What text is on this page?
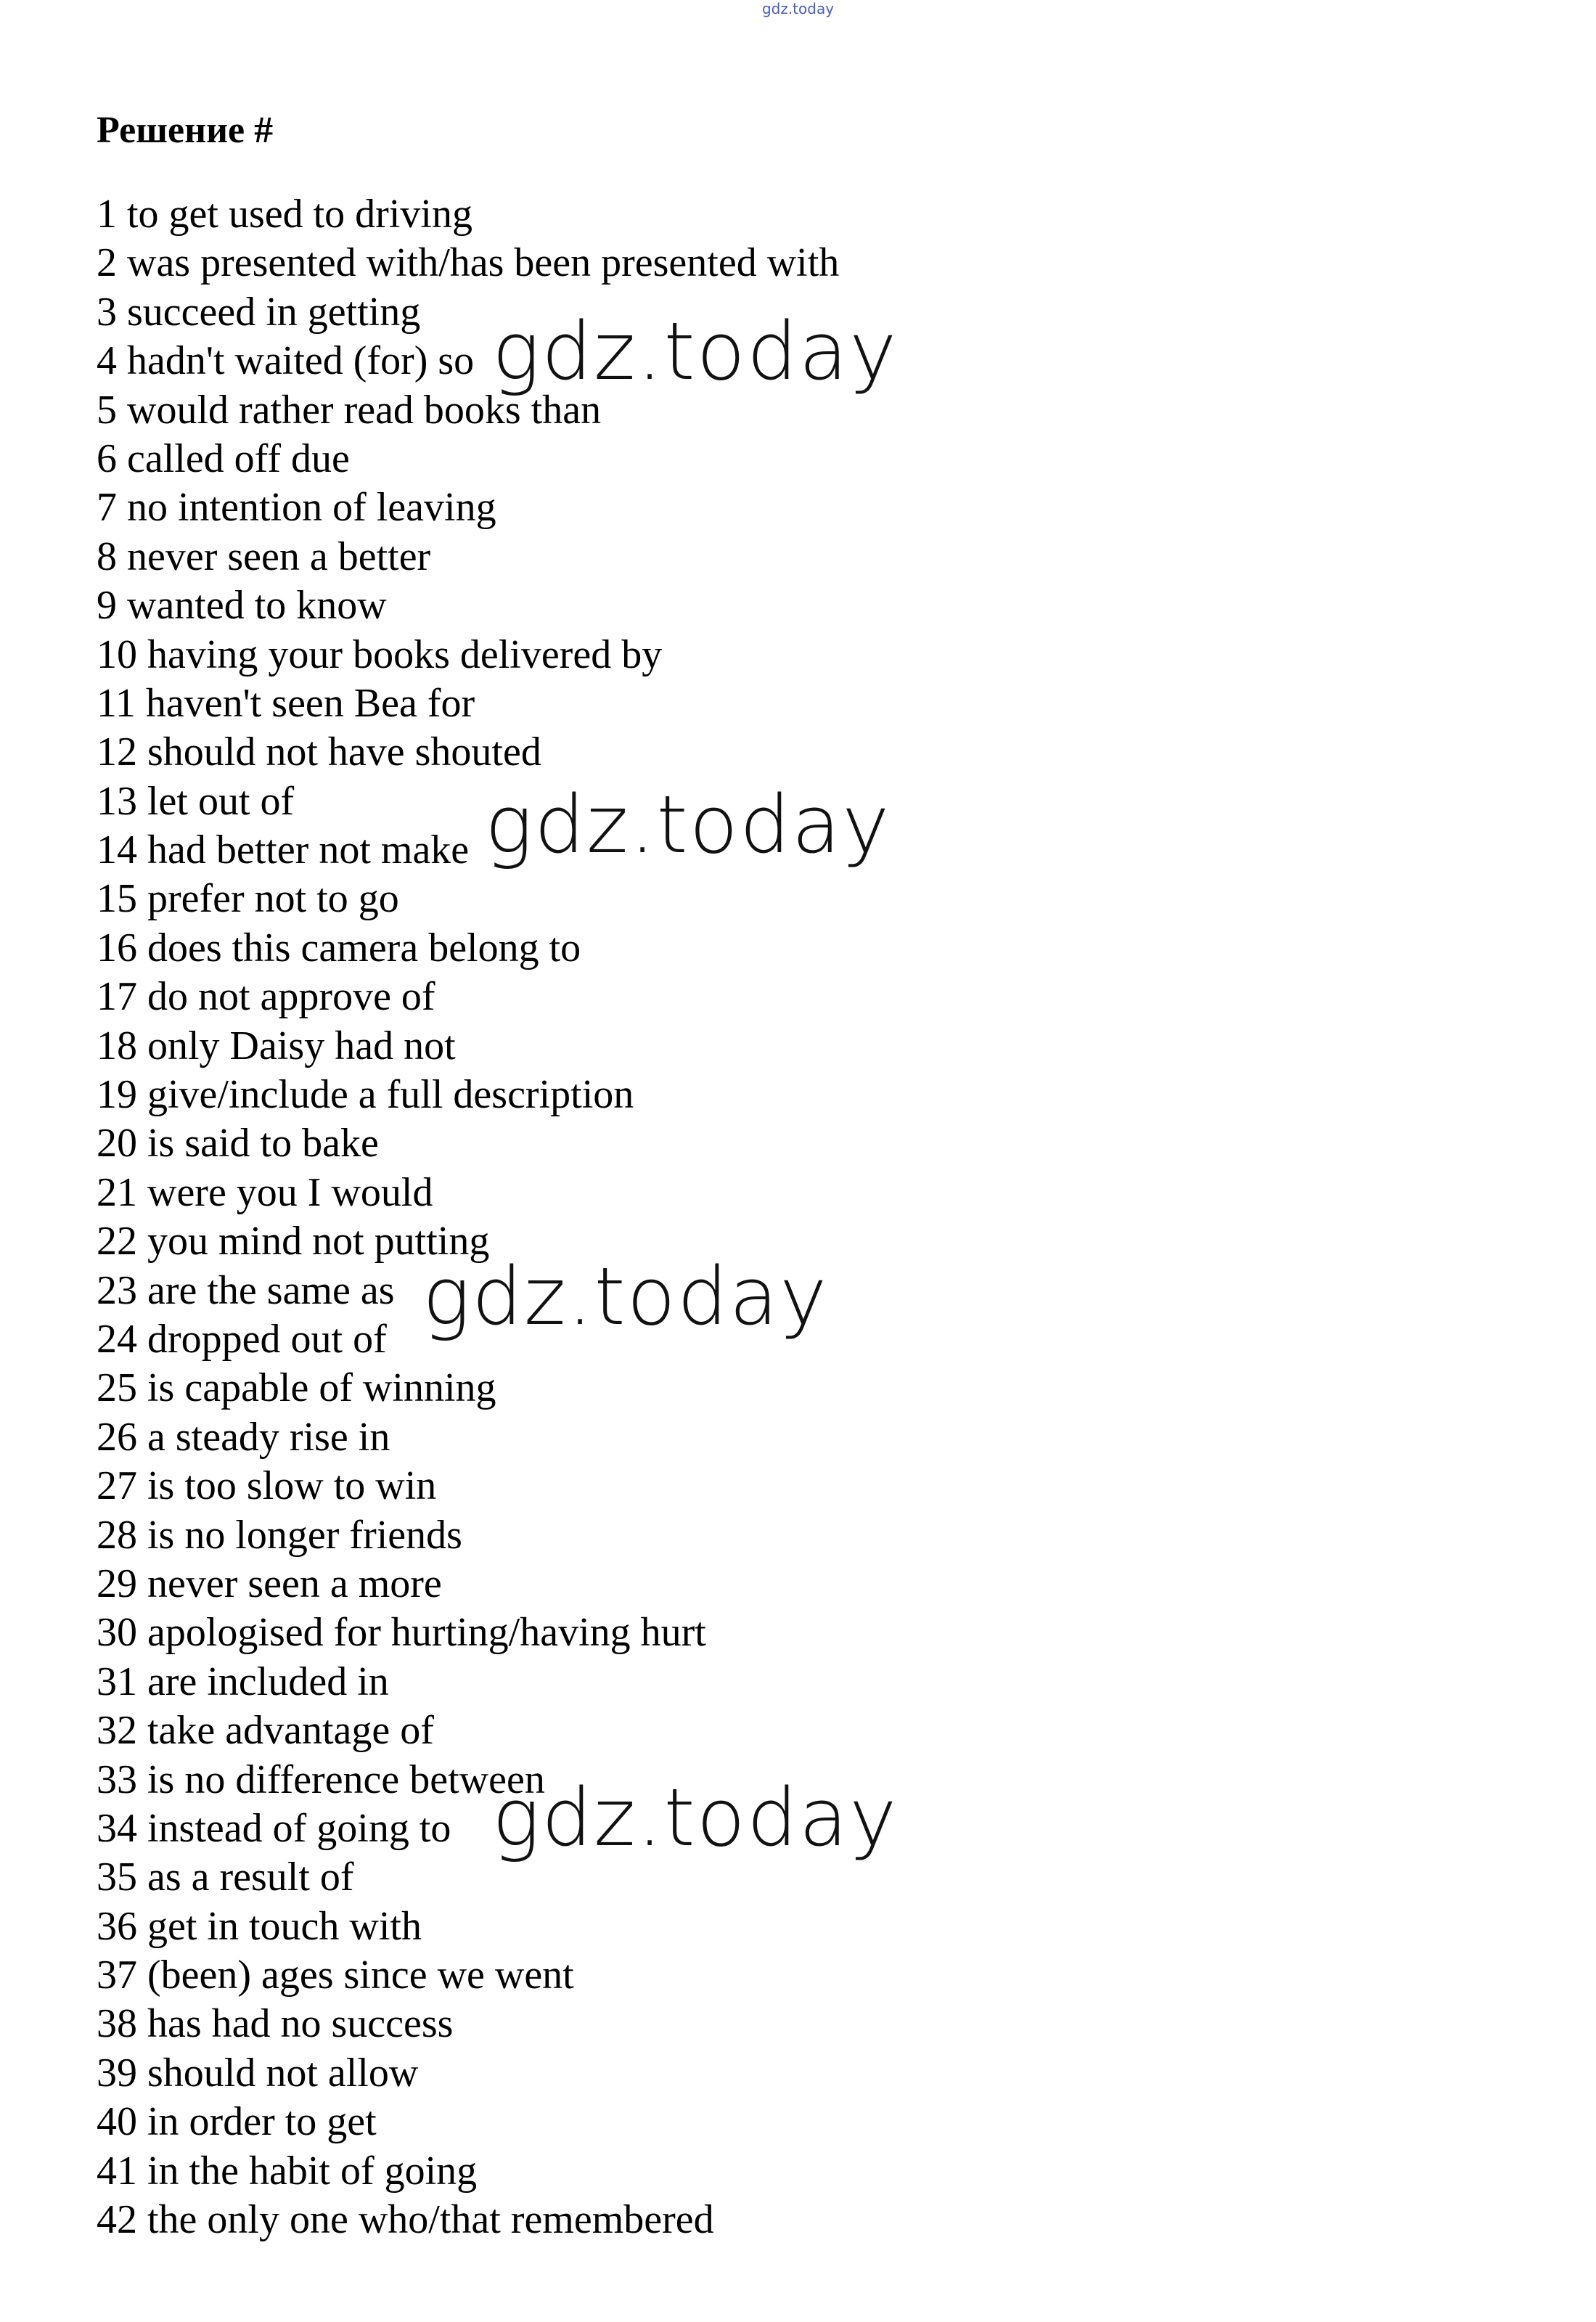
gdz.today
Решение #
1 to get used to driving
2 was presented with/has been presented with
3 succeed in getting
4 hadn't waited (for) so
5 would rather read books than
6 called off due
7 no intention of leaving
8 never seen a better
9 wanted to know
10 having your books delivered by
11 haven't seen Bea for
12 should not have shouted
13 let out of
14 had better not make
15 prefer not to go
16 does this camera belong to
17 do not approve of
18 only Daisy had not
19 give/include a full description
20 is said to bake
21 were you I would
22 you mind not putting
23 are the same as
24 dropped out of
25 is capable of winning
26 a steady rise in
27 is too slow to win
28 is no longer friends
29 never seen a more
30 apologised for hurting/having hurt
31 are included in
32 take advantage of
33 is no difference between
34 instead of going to
35 as a result of
36 get in touch with
37 (been) ages since we went
38 has had no success
39 should not allow
40 in order to get
41 in the habit of going
42 the only one who/that remembered
gdz.today
gdz.today
gdz.today
gdz.today
